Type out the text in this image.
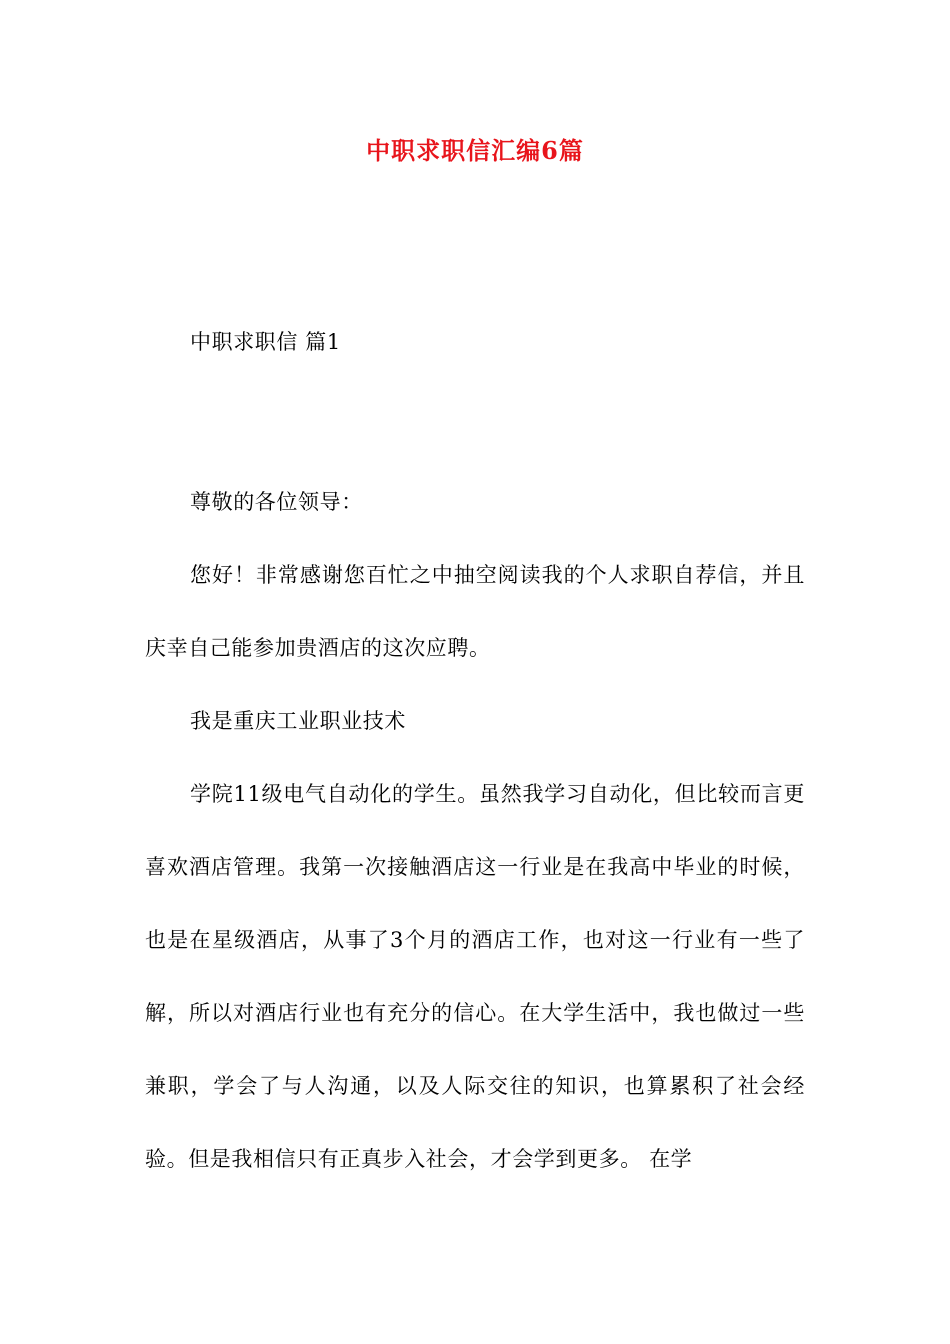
中职求职信汇编6篇
中职求职信 篇1

尊敬的各位领导：

您好！非常感谢您百忙之中抽空阅读我的个人求职自荐信，并且庆幸自己能参加贵酒店的这次应聘。

我是重庆工业职业技术

学院11级电气自动化的学生。虽然我学习自动化，但比较而言更喜欢酒店管理。我第一次接触酒店这一行业是在我高中毕业的时候，也是在星级酒店，从事了3个月的酒店工作，也对这一行业有一些了解，所以对酒店行业也有充分的信心。在大学生活中，我也做过一些兼职，学会了与人沟通，以及人际交往的知识，也算累积了社会经验。但是我相信只有正真步入社会，才会学到更多。 在学
